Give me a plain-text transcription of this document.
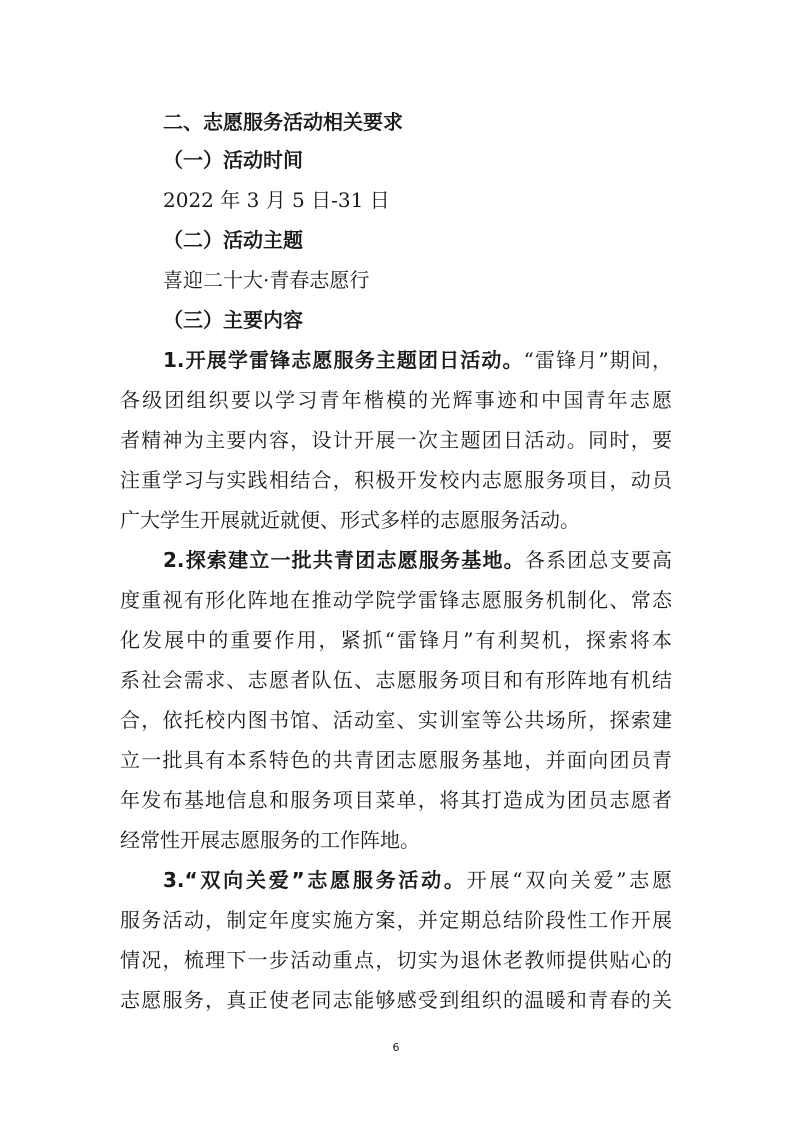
二、志愿服务活动相关要求
（一）活动时间
2022 年 3 月 5 日-31 日
（二）活动主题
喜迎二十大·青春志愿行
（三）主要内容
1.开展学雷锋志愿服务主题团日活动。“雷锋月”期间，
各级团组织要以学习青年楷模的光辉事迹和中国青年志愿
者精神为主要内容，设计开展一次主题团日活动。同时，要
注重学习与实践相结合，积极开发校内志愿服务项目，动员
广大学生开展就近就便、形式多样的志愿服务活动。
2.探索建立一批共青团志愿服务基地。各系团总支要高
度重视有形化阵地在推动学院学雷锋志愿服务机制化、常态
化发展中的重要作用，紧抓“雷锋月”有利契机，探索将本
系社会需求、志愿者队伍、志愿服务项目和有形阵地有机结
合，依托校内图书馆、活动室、实训室等公共场所，探索建
立一批具有本系特色的共青团志愿服务基地，并面向团员青
年发布基地信息和服务项目菜单，将其打造成为团员志愿者
经常性开展志愿服务的工作阵地。
3.“双向关爱”志愿服务活动。开展“双向关爱”志愿
服务活动，制定年度实施方案，并定期总结阶段性工作开展
情况，梳理下一步活动重点，切实为退休老教师提供贴心的
志愿服务，真正使老同志能够感受到组织的温暖和青春的关
6
